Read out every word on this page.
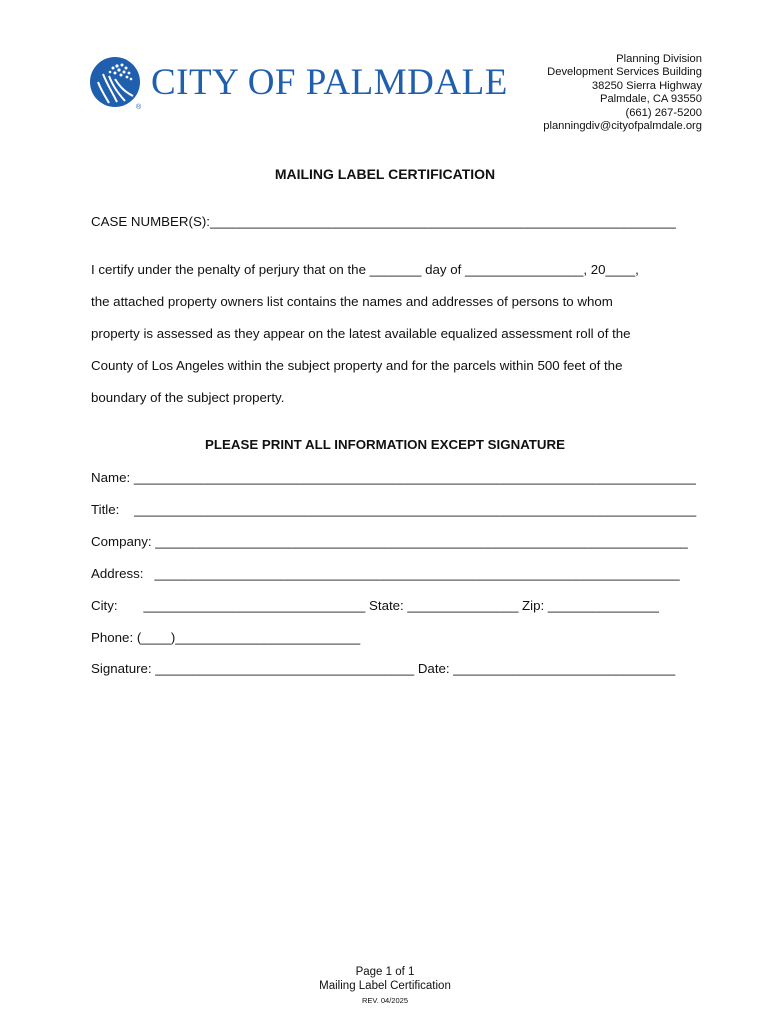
®
CITY OF PALMDALE
Planning Division
Development Services Building
38250 Sierra Highway
Palmdale, CA 93550
(661) 267-5200
planningdiv@cityofpalmdale.org
MAILING LABEL CERTIFICATION
CASE NUMBER(S):_______________________________________________________________
I certify under the penalty of perjury that on the _______ day of ________________, 20____,
the attached property owners list contains the names and addresses of persons to whom
property is assessed as they appear on the latest available equalized assessment roll of the
County of Los Angeles within the subject property and for the parcels within 500 feet of the
boundary of the subject property.
PLEASE PRINT ALL INFORMATION EXCEPT SIGNATURE
Name: ____________________________________________________________________________
Title:    ____________________________________________________________________________
Company: ________________________________________________________________________
Address:   _______________________________________________________________________
City:       ______________________________ State: _______________ Zip: _______________
Phone: (____)_________________________
Signature: ___________________________________ Date: ______________________________
Page 1 of 1
Mailing Label Certification
REV. 04/2025
